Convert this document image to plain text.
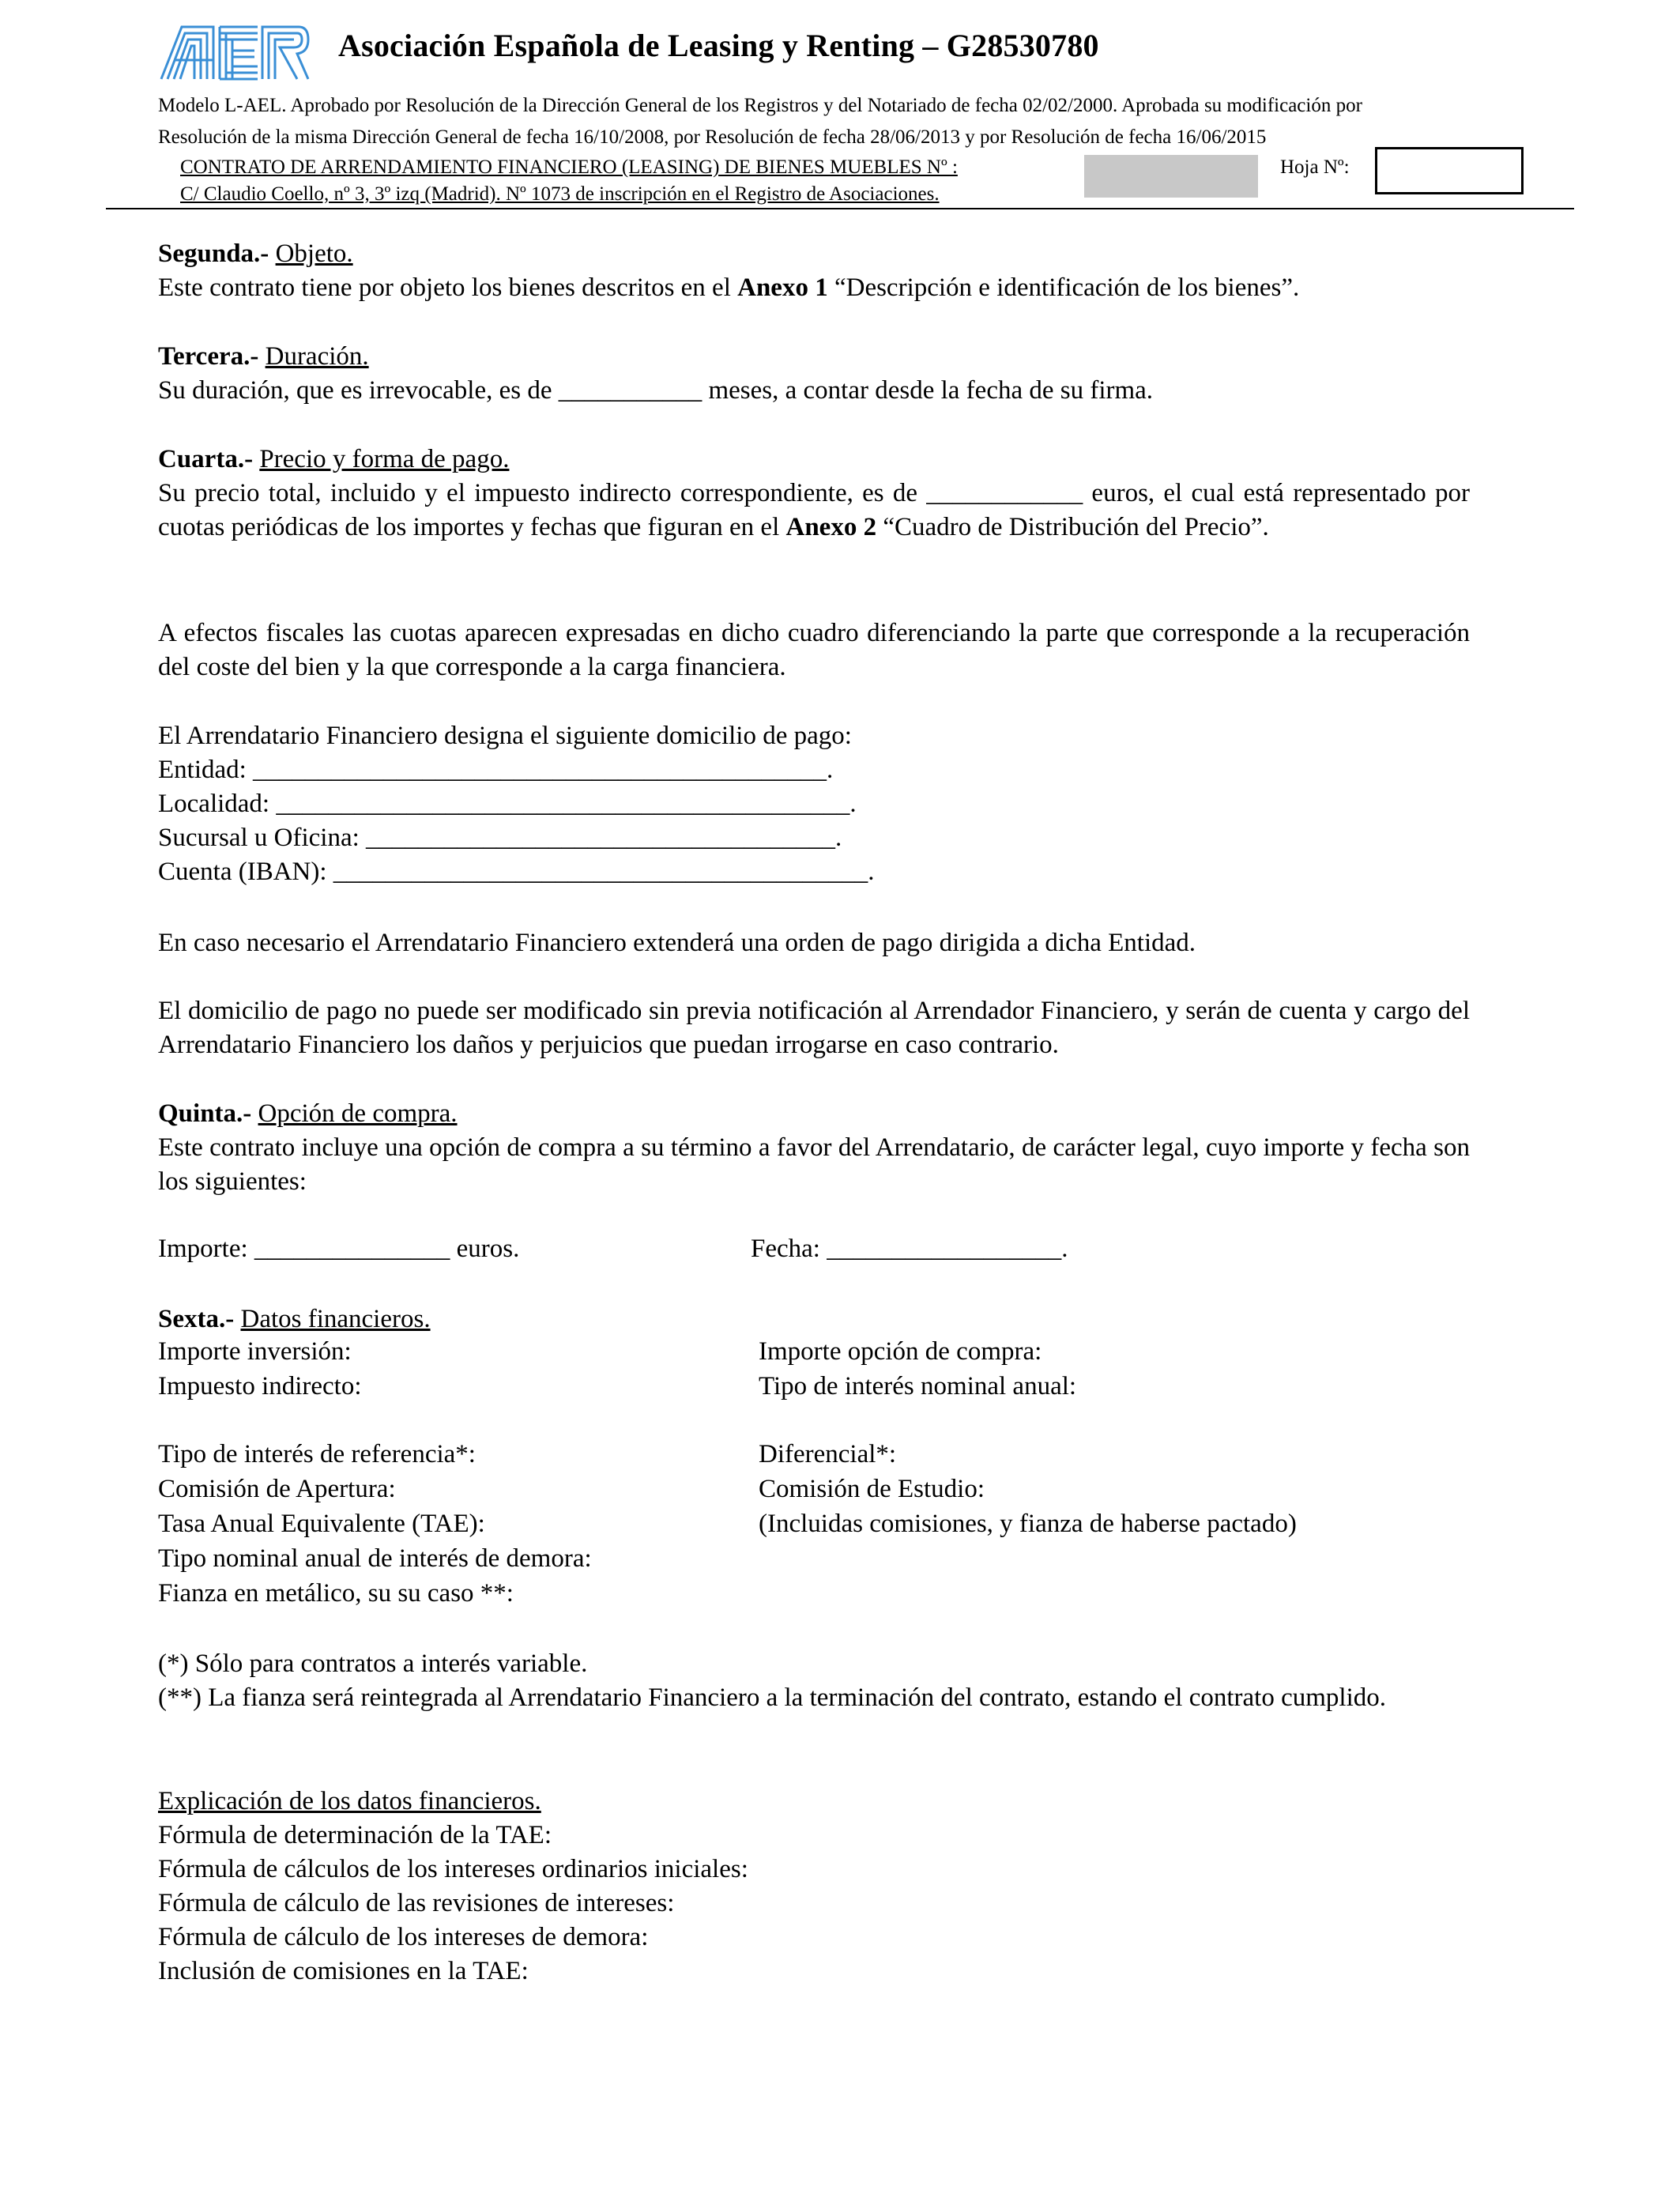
Asociación Española de Leasing y Renting – G28530780
Modelo L-AEL. Aprobado por Resolución de la Dirección General de los Registros y del Notariado de fecha 02/02/2000. Aprobada su modificación por
Resolución de la misma Dirección General de fecha 16/10/2008, por Resolución de fecha 28/06/2013 y por Resolución de fecha 16/06/2015
CONTRATO DE ARRENDAMIENTO FINANCIERO (LEASING) DE BIENES MUEBLES Nº :	Hoja Nº:
C/ Claudio Coello, nº 3, 3º izq (Madrid). Nº 1073 de inscripción en el Registro de Asociaciones.

Segunda.- Objeto.

Este contrato tiene por objeto los bienes descritos en el Anexo 1 “Descripción e identificación de los bienes”.

Tercera.- Duración.

Su duración, que es irrevocable, es de ___________ meses, a contar desde la fecha de su firma.

Cuarta.- Precio y forma de pago.

Su precio total, incluido y el impuesto indirecto correspondiente, es de ____________ euros, el cual está representado por cuotas periódicas de los importes y fechas que figuran en el Anexo 2 “Cuadro de Distribución del Precio”.

A efectos fiscales las cuotas aparecen expresadas en dicho cuadro diferenciando la parte que corresponde a la recuperación del coste del bien y la que corresponde a la carga financiera.

El Arrendatario Financiero designa el siguiente domicilio de pago:

Entidad: ____________________________________________.

Localidad: ____________________________________________.

Sucursal u Oficina: ____________________________________.

Cuenta (IBAN): _________________________________________.

En caso necesario el Arrendatario Financiero extenderá una orden de pago dirigida a dicha Entidad.

El domicilio de pago no puede ser modificado sin previa notificación al Arrendador Financiero, y serán de cuenta y cargo del Arrendatario Financiero los daños y perjuicios que puedan irrogarse en caso contrario.

Quinta.- Opción de compra.

Este contrato incluye una opción de compra a su término a favor del Arrendatario, de carácter legal, cuyo importe y fecha son los siguientes:

Importe: _______________ euros.	Fecha: __________________.

Sexta.- Datos financieros.

Importe inversión:
Impuesto indirecto:
Importe opción de compra:
Tipo de interés nominal anual:
Tipo de interés de referencia*:
Comisión de Apertura:
Tasa Anual Equivalente (TAE):
Tipo nominal anual de interés de demora:
Fianza en metálico, su su caso **:
Diferencial*:
Comisión de Estudio:
(Incluidas comisiones, y fianza de haberse pactado)

(*) Sólo para contratos a interés variable.

(**) La fianza será reintegrada al Arrendatario Financiero a la terminación del contrato, estando el contrato cumplido.

Explicación de los datos financieros.

Fórmula de determinación de la TAE:

Fórmula de cálculos de los intereses ordinarios iniciales:

Fórmula de cálculo de las revisiones de intereses:

Fórmula de cálculo de los intereses de demora:

Inclusión de comisiones en la TAE:
